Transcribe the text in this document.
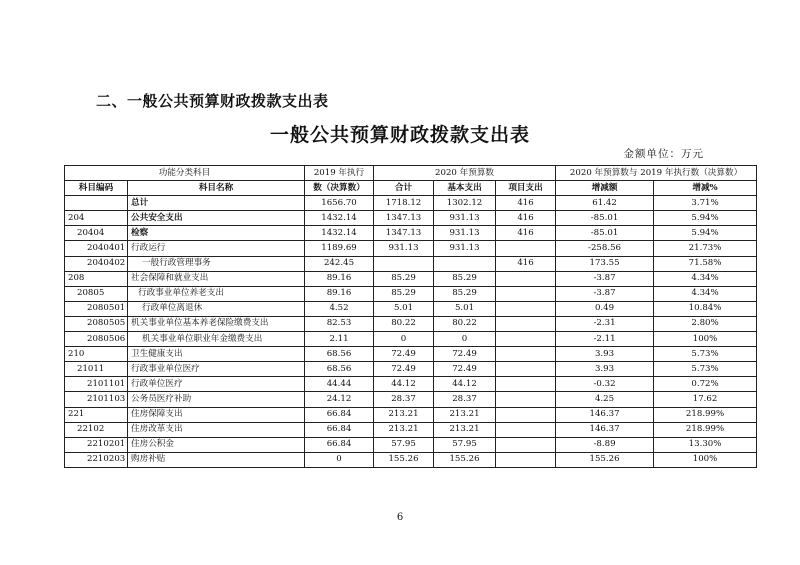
二、一般公共预算财政拨款支出表
一般公共预算财政拨款支出表
金额单位：万元
功能分类科目		2019 年执行	2020 年预算数			2020 年预算数与 2019 年执行数（决算数）	
科目编码	科目名称	数（决算数）	合计	基本支出	项目支出	增减额	增减%
	总计	1656.70	1718.12	1302.12	416	61.42	3.71%
204	公共安全支出	1432.14	1347.13	931.13	416	-85.01	5.94%
20404	检察	1432.14	1347.13	931.13	416	-85.01	5.94%
2040401	行政运行	1189.69	931.13	931.13		-258.56	21.73%
2040402	一般行政管理事务	242.45			416	173.55	71.58%
208	社会保障和就业支出	89.16	85.29	85.29		-3.87	4.34%
20805	行政事业单位养老支出	89.16	85.29	85.29		-3.87	4.34%
2080501	行政单位离退休	4.52	5.01	5.01		0.49	10.84%
2080505	机关事业单位基本养老保险缴费支出	82.53	80.22	80.22		-2.31	2.80%
2080506	机关事业单位职业年金缴费支出	2.11	0	0		-2.11	100%
210	卫生健康支出	68.56	72.49	72.49		3.93	5.73%
21011	行政事业单位医疗	68.56	72.49	72.49		3.93	5.73%
2101101	行政单位医疗	44.44	44.12	44.12		-0.32	0.72%
2101103	公务员医疗补助	24.12	28.37	28.37		4.25	17.62
221	住房保障支出	66.84	213.21	213.21		146.37	218.99%
22102	住房改革支出	66.84	213.21	213.21		146.37	218.99%
2210201	住房公积金	66.84	57.95	57.95		-8.89	13.30%
2210203	购房补贴	0	155.26	155.26		155.26	100%
6
